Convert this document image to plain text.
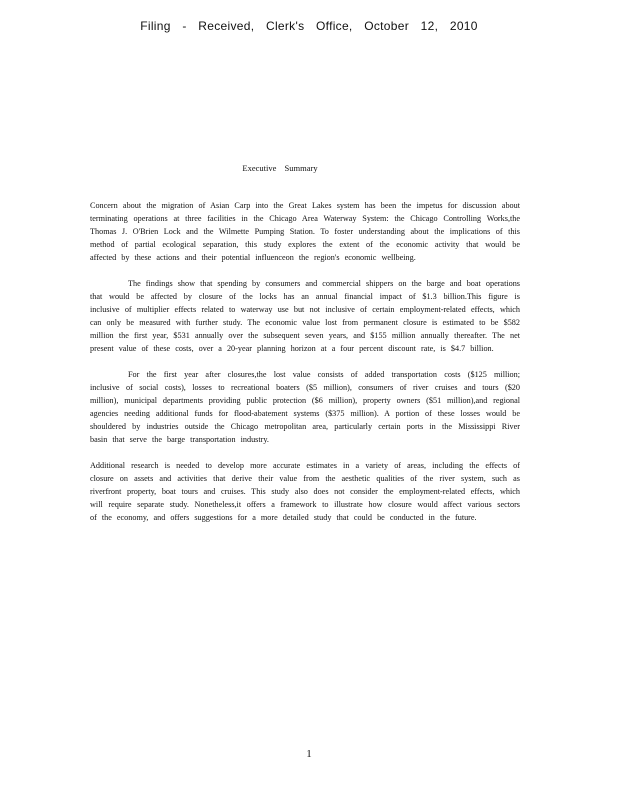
Filing - Received, Clerk's Office, October 12, 2010
Executive Summary

Concern about the migration of Asian Carp into the Great Lakes system has been the impetus for discussion about terminating operations at three facilities in the Chicago Area Waterway System: the Chicago Controlling Works,the Thomas J. O'Brien Lock and the Wilmette Pumping Station. To foster understanding about the implications of this method of partial ecological separation, this study explores the extent of the economic activity that would be affected by these actions and their potential influenceon the region's economic wellbeing.

The findings show that spending by consumers and commercial shippers on the barge and boat operations that would be affected by closure of the locks has an annual financial impact of $1.3 billion.This figure is inclusive of multiplier effects related to waterway use but not inclusive of certain employment-related effects, which can only be measured with further study. The economic value lost from permanent closure is estimated to be $582 million the first year, $531 annually over the subsequent seven years, and $155 million annually thereafter. The net present value of these costs, over a 20-year planning horizon at a four percent discount rate, is $4.7 billion.

For the first year after closures,the lost value consists of added transportation costs ($125 million; inclusive of social costs), losses to recreational boaters ($5 million), consumers of river cruises and tours ($20 million), municipal departments providing public protection ($6 million), property owners ($51 million),and regional agencies needing additional funds for flood-abatement systems ($375 million). A portion of these losses would be shouldered by industries outside the Chicago metropolitan area, particularly certain ports in the Mississippi River basin that serve the barge transportation industry.

Additional research is needed to develop more accurate estimates in a variety of areas, including the effects of closure on assets and activities that derive their value from the aesthetic qualities of the river system, such as riverfront property, boat tours and cruises. This study also does not consider the employment-related effects, which will require separate study. Nonetheless,it offers a framework to illustrate how closure would affect various sectors of the economy, and offers suggestions for a more detailed study that could be conducted in the future.

1
